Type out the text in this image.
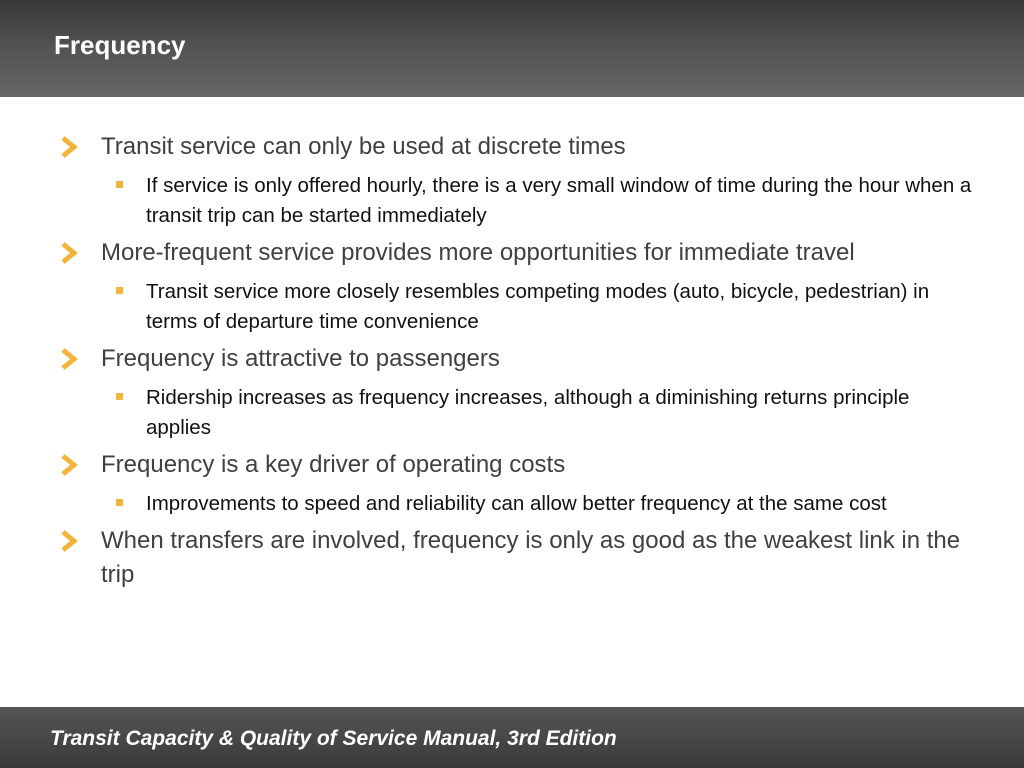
Frequency
Transit service can only be used at discrete times
If service is only offered hourly, there is a very small window of time during the hour when a transit trip can be started immediately
More-frequent service provides more opportunities for immediate travel
Transit service more closely resembles competing modes (auto, bicycle, pedestrian) in terms of departure time convenience
Frequency is attractive to passengers
Ridership increases as frequency increases, although a diminishing returns principle applies
Frequency is a key driver of operating costs
Improvements to speed and reliability can allow better frequency at the same cost
When transfers are involved, frequency is only as good as the weakest link in the trip
Transit Capacity & Quality of Service Manual, 3rd Edition
